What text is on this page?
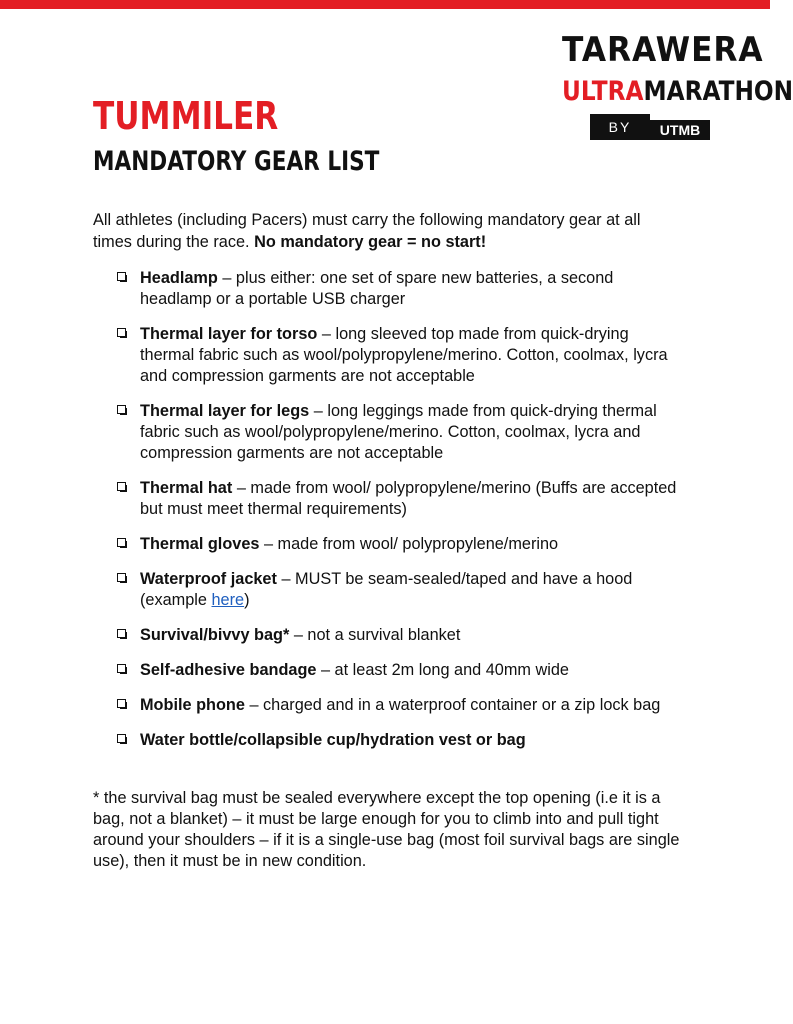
TARAWERA
ULTRAMARATHON
BY	UTMB
TUMMILER
MANDATORY GEAR LIST

All athletes (including Pacers) must carry the following mandatory gear at all times during the race. No mandatory gear = no start!

Headlamp – plus either: one set of spare new batteries, a second headlamp or a portable USB charger
Thermal layer for torso – long sleeved top made from quick-drying thermal fabric such as wool/polypropylene/merino. Cotton, coolmax, lycra and compression garments are not acceptable
Thermal layer for legs – long leggings made from quick-drying thermal fabric such as wool/polypropylene/merino. Cotton, coolmax, lycra and compression garments are not acceptable
Thermal hat – made from wool/ polypropylene/merino (Buffs are accepted but must meet thermal requirements)
Thermal gloves – made from wool/ polypropylene/merino
Waterproof jacket – MUST be seam-sealed/taped and have a hood (example here)
Survival/bivvy bag* – not a survival blanket
Self-adhesive bandage – at least 2m long and 40mm wide
Mobile phone – charged and in a waterproof container or a zip lock bag
Water bottle/collapsible cup/hydration vest or bag

* the survival bag must be sealed everywhere except the top opening (i.e it is a bag, not a blanket) – it must be large enough for you to climb into and pull tight around your shoulders – if it is a single-use bag (most foil survival bags are single use), then it must be in new condition.
